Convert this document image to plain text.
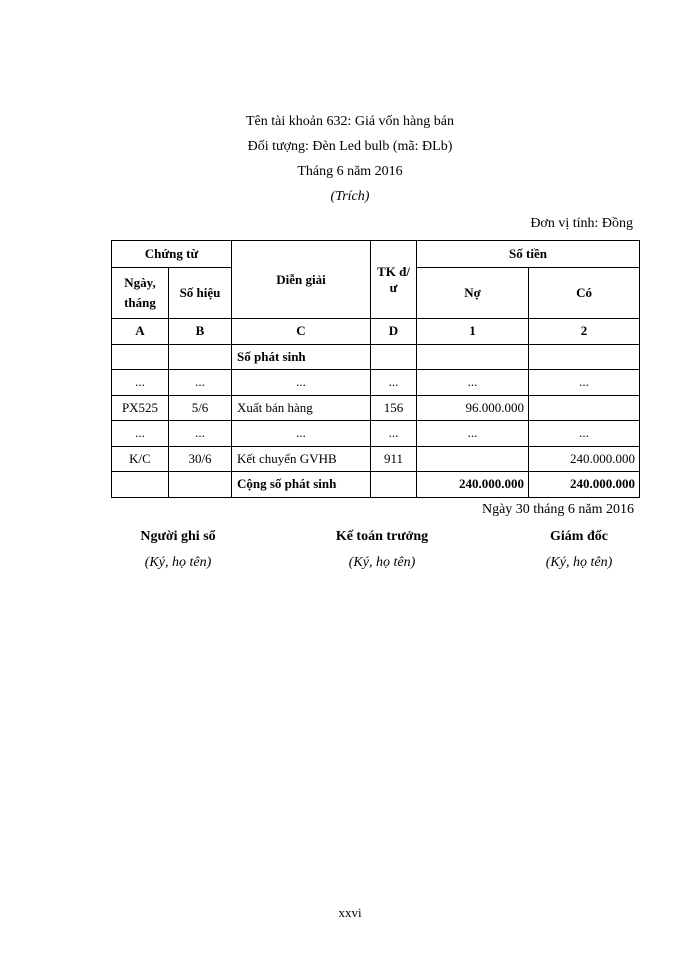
Tên tài khoản 632: Giá vốn hàng bán
Đối tượng: Đèn Led bulb (mã: ĐLb)
Tháng 6 năm 2016
(Trích)
Đơn vị tính: Đồng
Chứng từ		Diễn giải	TK đ/ư	Số tiền	
Ngày, tháng	Số hiệu			Nợ	Có
A	B	C	D	1	2
		Số phát sinh			
...	...	...	...	...	...
PX525	5/6	Xuất bán hàng	156	96.000.000	
...	...	...	...	...	...
K/C	30/6	Kết chuyển GVHB	911		240.000.000
		Cộng số phát sinh		240.000.000	240.000.000
Ngày 30 tháng 6 năm 2016
Người ghi sổ
(Ký, họ tên)
Kế toán trưởng
(Ký, họ tên)
Giám đốc
(Ký, họ tên)
xxvi
